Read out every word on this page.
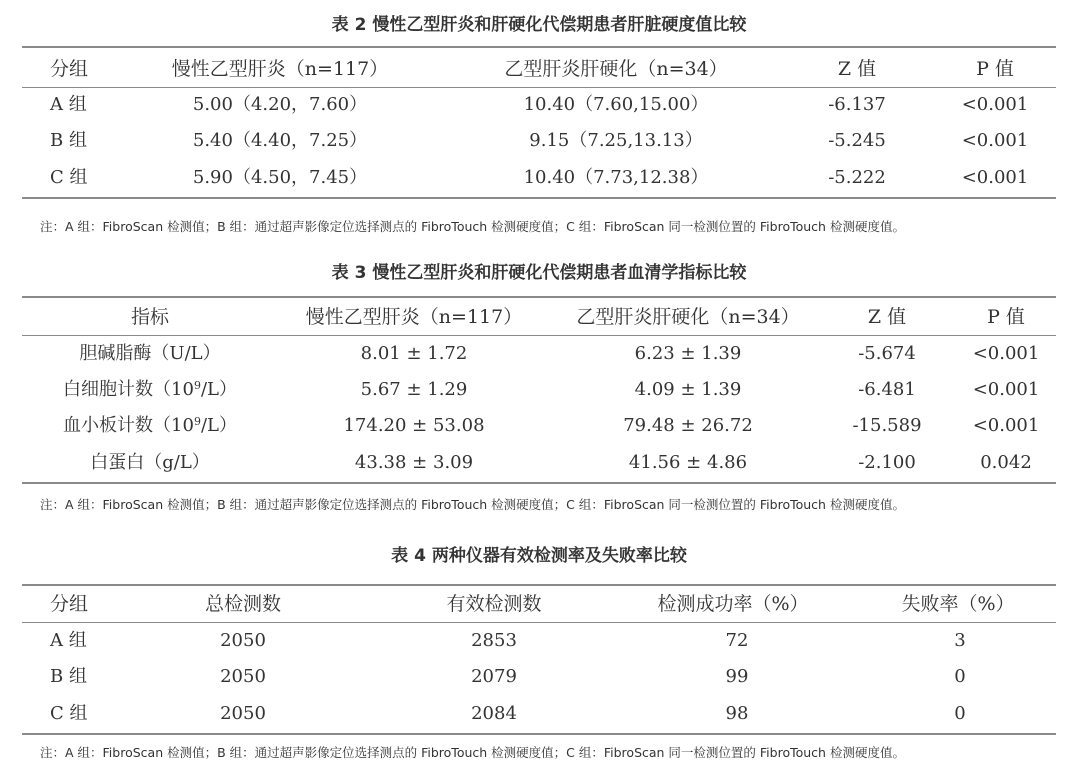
表 2 慢性乙型肝炎和肝硬化代偿期患者肝脏硬度值比较
分组	慢性乙型肝炎（n=117）	乙型肝炎肝硬化（n=34）	Z 值	P 值
A 组	5.00（4.20，7.60）	10.40（7.60,15.00）	-6.137	<0.001
B 组	5.40（4.40，7.25）	9.15（7.25,13.13）	-5.245	<0.001
C 组	5.90（4.50，7.45）	10.40（7.73,12.38）	-5.222	<0.001
注：A 组：FibroScan 检测值；B 组：通过超声影像定位选择测点的 FibroTouch 检测硬度值；C 组：FibroScan 同一检测位置的 FibroTouch 检测硬度值。
表 3 慢性乙型肝炎和肝硬化代偿期患者血清学指标比较
指标	慢性乙型肝炎（n=117）	乙型肝炎肝硬化（n=34）	Z 值	P 值
胆碱脂酶（U/L）	8.01 ± 1.72	6.23 ± 1.39	-5.674	<0.001
白细胞计数$(10^9/L)$	5.67 ± 1.29	4.09 ± 1.39	-6.481	<0.001
血小板计数$(10^9/L)$	174.20 ± 53.08	79.48 ± 26.72	-15.589	<0.001
白蛋白（g/L）	43.38 ± 3.09	41.56 ± 4.86	-2.100	0.042
注：A 组：FibroScan 检测值；B 组：通过超声影像定位选择测点的 FibroTouch 检测硬度值；C 组：FibroScan 同一检测位置的 FibroTouch 检测硬度值。
表 4 两种仪器有效检测率及失败率比较
分组	总检测数	有效检测数	检测成功率（%）	失败率（%）
A 组	2050	2853	72	3
B 组	2050	2079	99	0
C 组	2050	2084	98	0
注：A 组：FibroScan 检测值；B 组：通过超声影像定位选择测点的 FibroTouch 检测硬度值；C 组：FibroScan 同一检测位置的 FibroTouch 检测硬度值。
